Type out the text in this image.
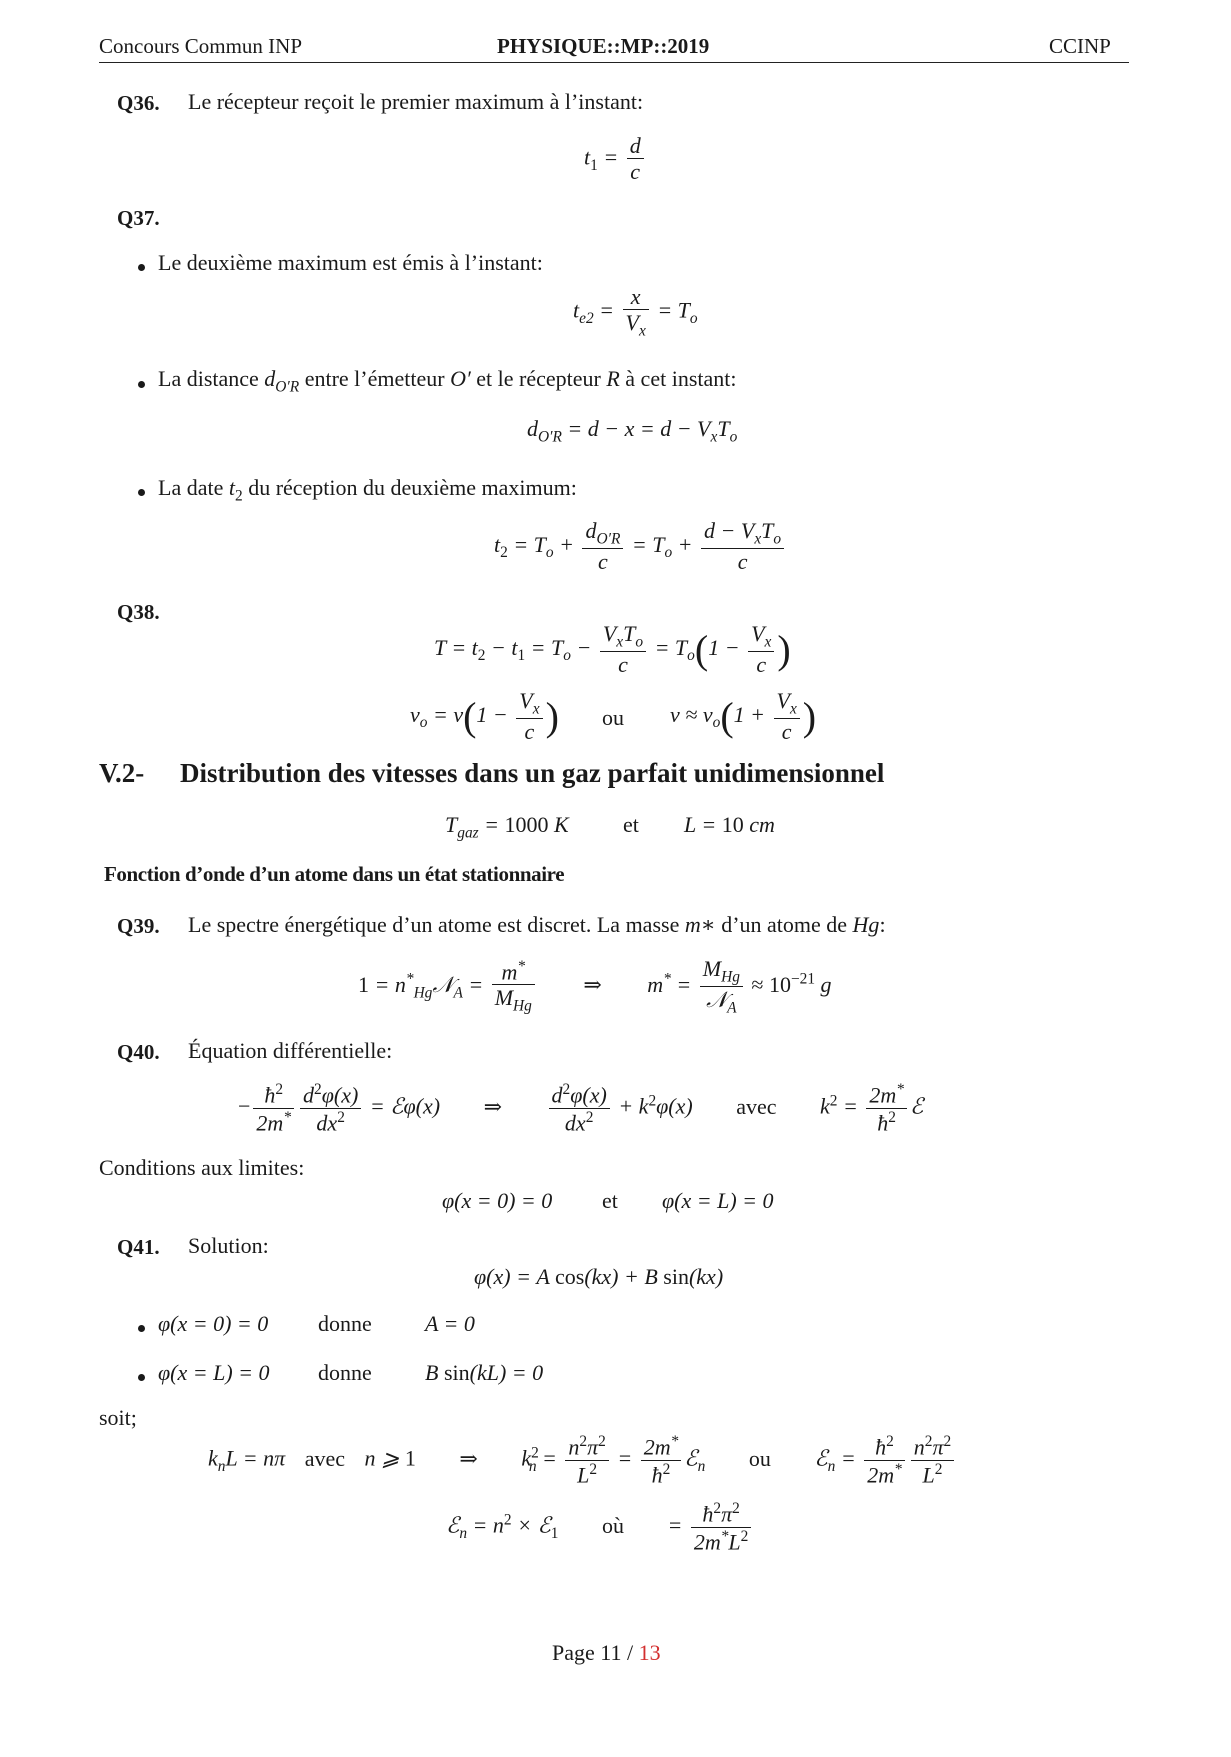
Concours Commun INP	PHYSIQUE::MP::2019	CCINP
Q36. Le récepteur reçoit le premier maximum à l’instant:
$t_1 = \frac{d}{c}$
Q37.
Le deuxième maximum est émis à l’instant:
$t_{e2} = \frac{x}{V_x} = T_o$
La distance $d_{O'R}$ entre l’émetteur O′ et le récepteur R à cet instant:
$d_{O'R} = d - x = d - V_xT_o$
La date $t_2$ du réception du deuxième maximum:
$t_2 = T_o + \frac{d_{O'R}}{c} = T_o + \frac{d - V_xT_o}{c}$
Q38.
$T = t_2 - t_1 = T_o - \frac{V_xT_o}{c} = T_o(1 - \frac{V_x}{c}$ )
$\nu_o = \nu(1 - \frac{V_x}{c}$ ) ou $\nu \approx \nu_o(1 + \frac{V_x}{c}$ )
V.2- Distribution des vitesses dans un gaz parfait unidimensionnel
$T_{gaz} = 1000$ K et L = 10 cm
Fonction d’onde d’un atome dans un état stationnaire
Q39. Le spectre énergétique d’un atome est discret. La masse m∗ d’un atome de Hg:
$1 = n^*_{Hg}𝒩_A = \frac{m^*}{M_{Hg}}$ ⇒ $m^* = \frac{M_{Hg}}{𝒩_A} \approx 10^{-21}$ g
Q40. Équation différentielle:
− $\frac{ħ^2}{2m^*} \frac{d^2\varphi(x)}{dx^2}$ = ℰφ(x) ⇒ $\frac{d^2\varphi(x)}{dx^2} + k^2\varphi(x)$ avec $k^2 = \frac{2m^*}{ħ^2}$ ℰ
Conditions aux limites:
φ(x = 0) = 0 et φ(x = L) = 0
Q41. Solution:
φ(x) = A cos(kx) + B sin(kx)
φ(x = 0) = 0 donne A = 0
φ(x = L) = 0 donne B sin(kL) = 0
soit;
$k_nL = n\pi$ avec n ⩾ 1 ⇒ $k^2_n = \frac{n^2\pi^2}{L^2} = \frac{2m^*}{ħ^2}$ ℰ$_n$ ou ℰ$_n$ = $\frac{ħ^2}{2m^*} \frac{n^2\pi^2}{L^2}$
ℰ$_n$ = $n^2$ × ℰ$_1$ où = $\frac{ħ^2\pi^2}{2m^*L^2}$
Page 11 / 13
